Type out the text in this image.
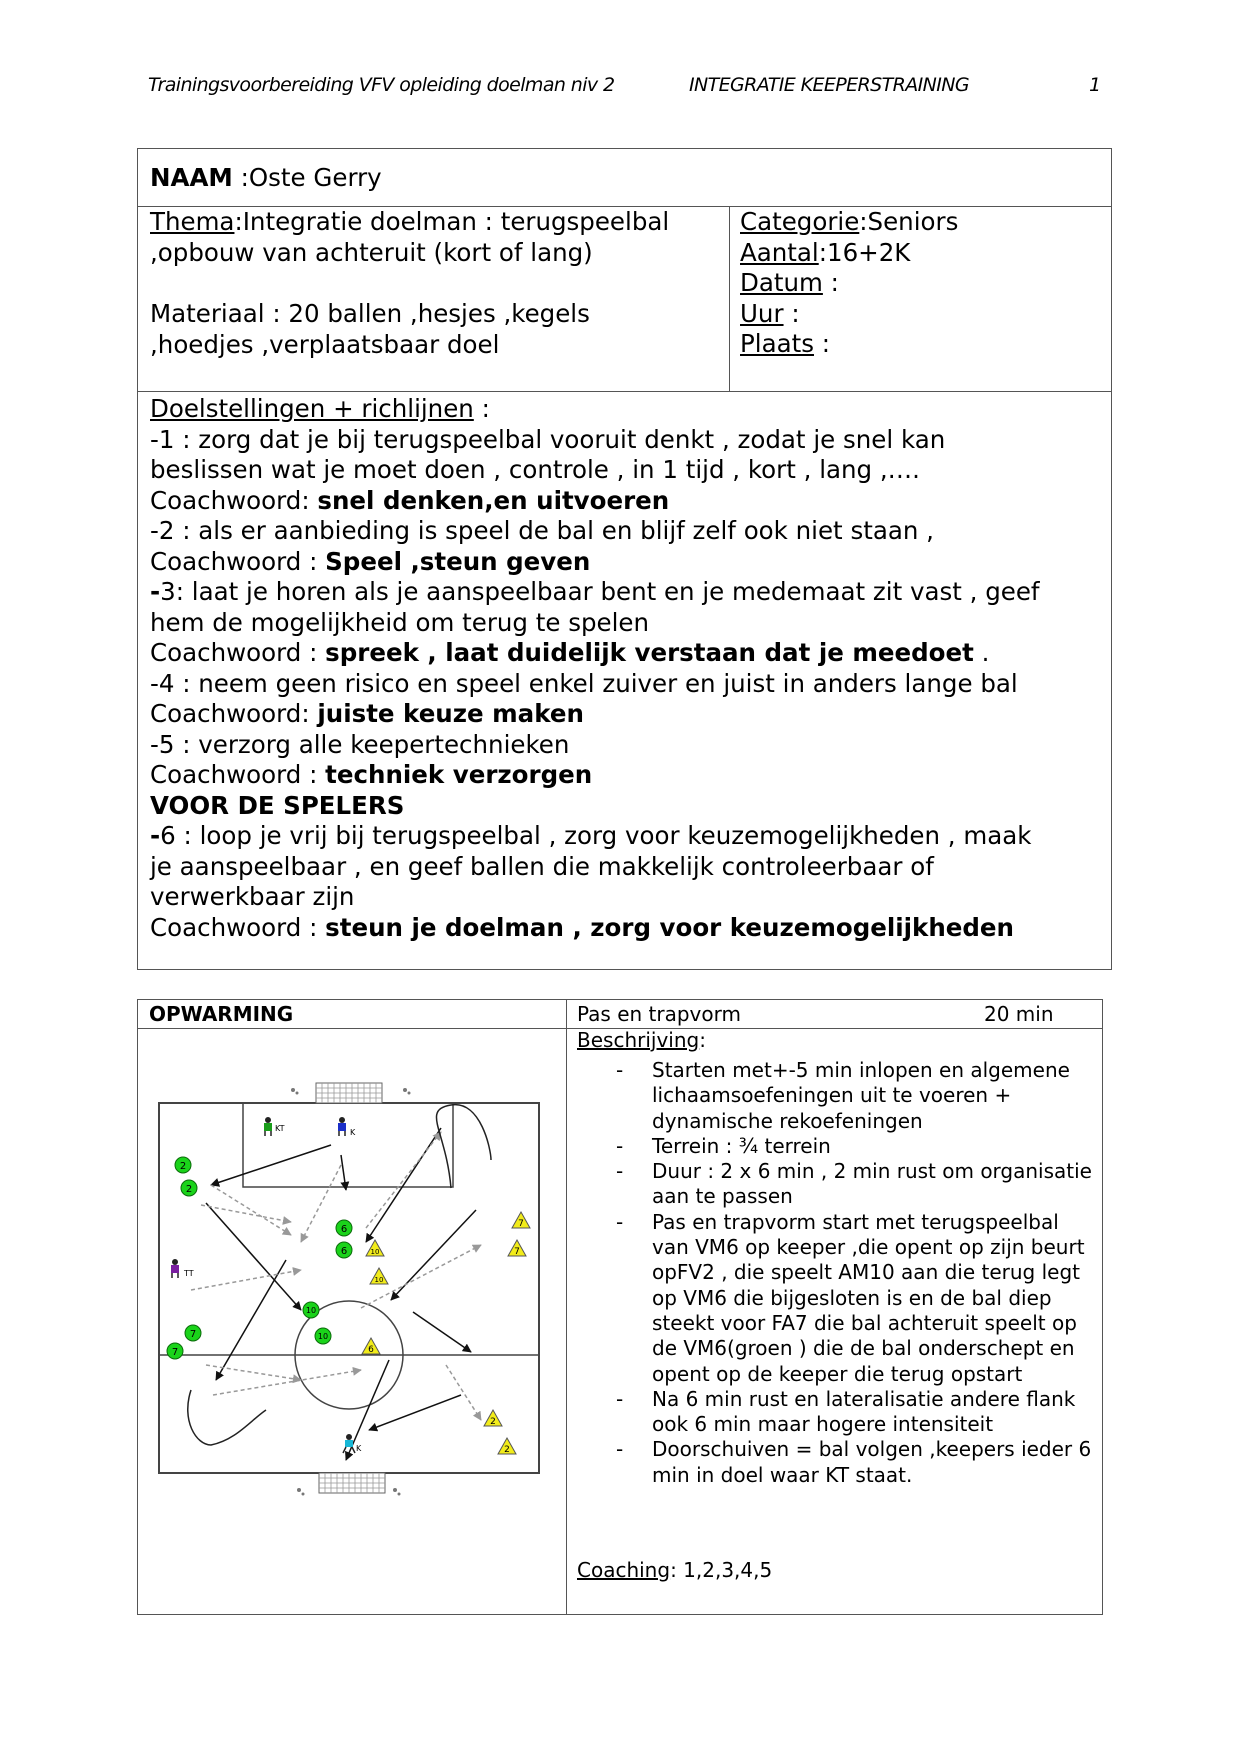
Trainingsvoorbereiding VFV opleiding doelman niv 2	INTEGRATIE KEEPERSTRAINING	1
NAAM :Oste Gerry
Thema:Integratie doelman : terugspeelbal
,opbouw van achteruit (kort of lang)
Materiaal : 20 ballen ,hesjes ,kegels
,hoedjes ,verplaatsbaar doel
Categorie:Seniors
Aantal:16+2K
Datum :
Uur :
Plaats :
Doelstellingen + richlijnen :
-1 : zorg dat je bij terugspeelbal vooruit denkt , zodat je snel kan
beslissen wat je moet doen , controle , in 1 tijd , kort , lang ,….
Coachwoord: snel denken,en uitvoeren
-2 : als er aanbieding is speel de bal en blijf zelf ook niet staan ,
Coachwoord : Speel ,steun geven
-3: laat je horen als je aanspeelbaar bent en je medemaat zit vast , geef
hem de mogelijkheid om terug te spelen
Coachwoord : spreek , laat duidelijk verstaan dat je meedoet .
-4 : neem geen risico en speel enkel zuiver en juist in anders lange bal
Coachwoord: juiste keuze maken
-5 : verzorg alle keepertechnieken
Coachwoord : techniek verzorgen
VOOR DE SPELERS
-6 : loop je vrij bij terugspeelbal , zorg voor keuzemogelijkheden , maak
je aanspeelbaar , en geef ballen die makkelijk controleerbaar of
verwerkbaar zijn
Coachwoord : steun je doelman , zorg voor keuzemogelijkheden
OPWARMING	Pas en trapvorm	20 min
Beschrijving:
- Starten met+-5 min inlopen en algemene lichaamsoefeningen uit te voeren + dynamische rekoefeningen
- Terrein : ¾ terrein
- Duur : 2 x 6 min , 2 min rust om organisatie aan te passen
- Pas en trapvorm start met terugspeelbal van VM6 op keeper ,die opent op zijn beurt opFV2 , die speelt AM10 aan die terug legt op VM6 die bijgesloten is en de bal diep steekt voor FA7 die bal achteruit speelt op de VM6(groen ) die de bal onderschept en opent op de keeper die terug opstart
- Na 6 min rust en lateralisatie andere flank ook 6 min maar hogere intensiteit
- Doorschuiven = bal volgen ,keepers ieder 6 min in doel waar KT staat.
Coaching: 1,2,3,4,5
2
2
6
6
10
10
7
7
7
7
10
10
6
2
2
KT	K
TT
K
